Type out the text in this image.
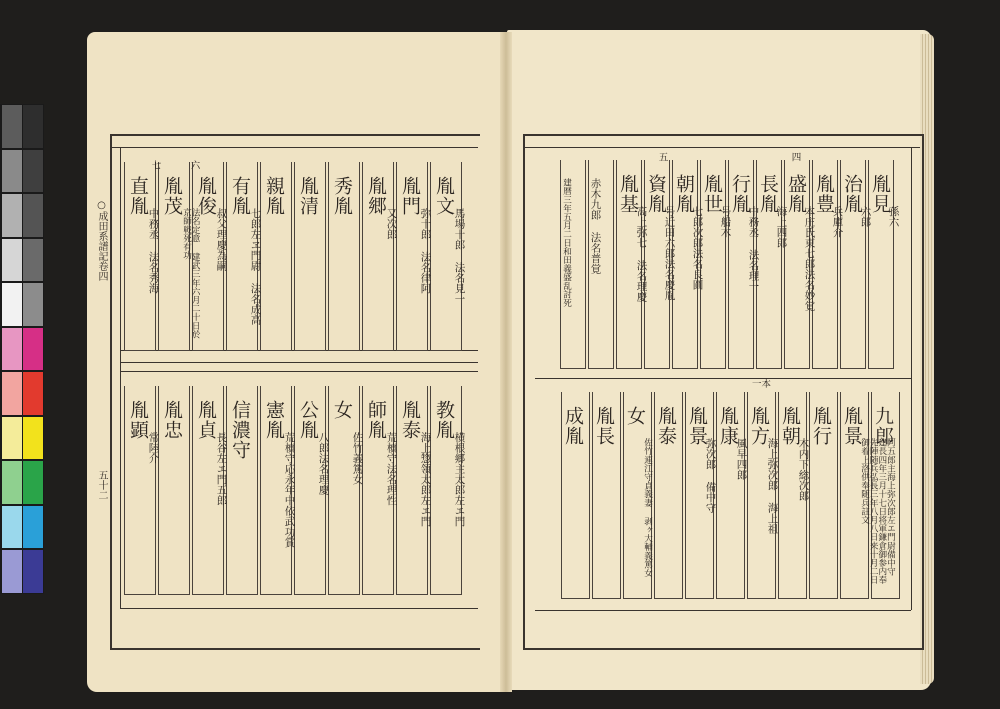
○成田系譜記卷四
五十二
胤文
馬場十郎 法名見一
胤門
弥十郎 法名律阿
胤郷
又次郎
秀胤
胤清
親胤
有胤
七郎左ヱ門尉 法名成高
胤俊
叔父理慶為嗣
胤茂
法名定意 建武三年六月二十日於京師戦死有功
直胤
中務丞 法名秀海
六
七
教胤
横根郷主太郎左エ門
胤泰
海上惣領太郎左エ門
師胤
荒槙守法名理性
女
佐竹義篤女
公胤
八郎法名理慶
憲胤
荒槙守応永年中依武功賞
信濃守
胤貞
長谷左エ門五郎
胤忠
胤顕
常陸介
胤見
孫六
治胤
六郎
胤豊
兵庫介
盛胤
本庄氏東七郎法名妙覚
長胤
海上四郎
行胤
中務丞 法名理一
胤世
号船木
朝胤
七郎次郎法名良圓
資胤
号近田六郎法名慶胤
胤基
高上弥七 法名理慶
赤木九郎 法名普覚
建暦三年五月二日和田義盛乱討死
四
五
一本
九郎
胤景
阿五郎主海上弥次郎左エ門尉備中守 建長四年三月十七日将軍鎌倉御参内奉先陣随兵弘長三年八月八日来十月二日御着上洛供奉随兵註文
胤行
胤朝
木内下総次郎
胤方
海上弥次郎 海上祖
胤康
風早四郎
胤景
弥次郎 備中守
胤泰
女
佐竹連江守貞義妻 剥ヶ大輔義篤女
胤長
成胤
